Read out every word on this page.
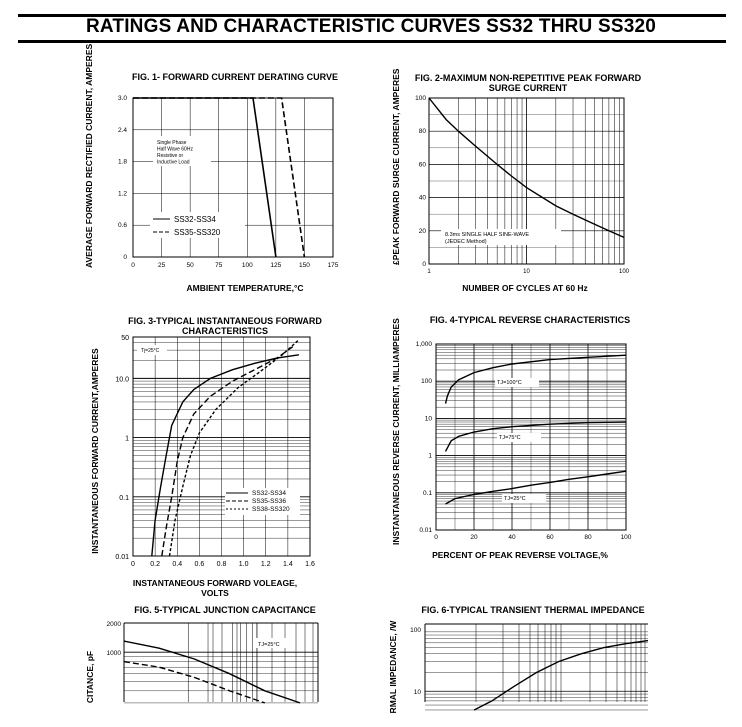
RATINGS AND CHARACTERISTIC CURVES SS32 THRU SS320
FIG. 1- FORWARD CURRENT DERATING CURVE
0	25	50	75	100	125	150	175
0
0.6
1.2
1.8
2.4
3.0
Single Phase
Half Wave 60Hz
Resistive or
Inductive Load
SS32-SS34
SS35-SS320
AMBIENT TEMPERATURE,°C
AVERAGE FORWARD RECTIFIED CURRENT, AMPERES	FIG. 2-MAXIMUM NON-REPETITIVE PEAK FORWARD SURGE CURRENT
0
20
40
60
80
100
1	10	100
8.3ms SINGLE HALF SINE-WAVE
(JEDEC Method)
NUMBER OF CYCLES AT 60 Hz
£PEAK FORWARD SURGE CURRENT, AMPERES
FIG. 3-TYPICAL INSTANTANEOUS FORWARD CHARACTERISTICS
0 0.2 0.4 0.6 0.8 1.0 1.2 1.4 1.6
0.01
0.1
1
10.0
50
Tj=25°C
SS32-SS34
SS35-SS36
SS38-SS320
INSTANTANEOUS FORWARD VOLEAGE, VOLTS
INSTANTANEOUS FORWARD CURRENT,AMPERES
FIG. 4-TYPICAL REVERSE CHARACTERISTICS
0	20	40	60	80	100
0.01
0.1
1
10
100
1,000
TJ=100°C
TJ=75°C
TJ=25°C
PERCENT OF PEAK REVERSE VOLTAGE,%
INSTANTANEOUS REVERSE CURRENT, MILLIAMPERES
FIG. 5-TYPICAL JUNCTION CAPACITANCE
1000
2000
TJ=25°C
CITANCE, pF
FIG. 6-TYPICAL TRANSIENT THERMAL IMPEDANCE
10
100
RMAL IMPEDANCE, /W
